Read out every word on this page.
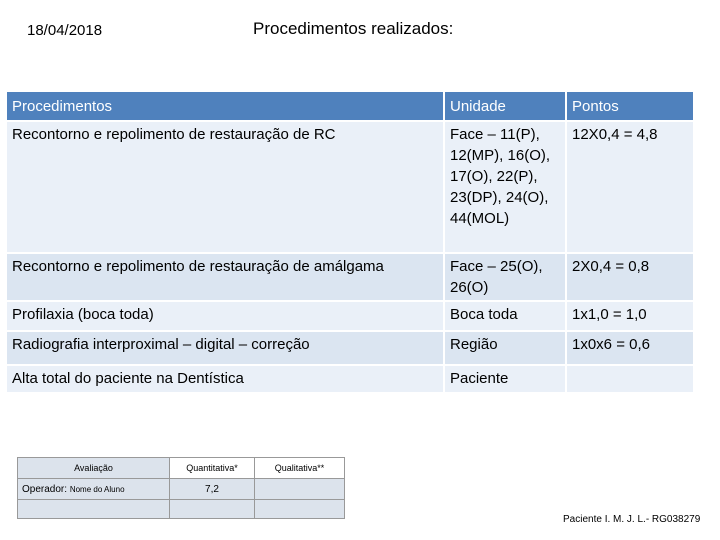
18/04/2018	Procedimentos realizados:
Procedimentos	Unidade	Pontos
Recontorno e repolimento de restauração de RC	Face – 11(P), 12(MP), 16(O), 17(O), 22(P), 23(DP), 24(O), 44(MOL)	12X0,4 = 4,8
Recontorno e repolimento de restauração de amálgama	Face – 25(O), 26(O)	2X0,4 = 0,8
Profilaxia (boca toda)	Boca toda	1x1,0 = 1,0
Radiografia interproximal – digital – correção	Região	1x0x6 = 0,6
Alta total do paciente na Dentística	Paciente	
Avaliação	Quantitativa*	Qualitativa**
Operador: Nome do Aluno	7,2	

Paciente I. M. J. L.- RG038279
